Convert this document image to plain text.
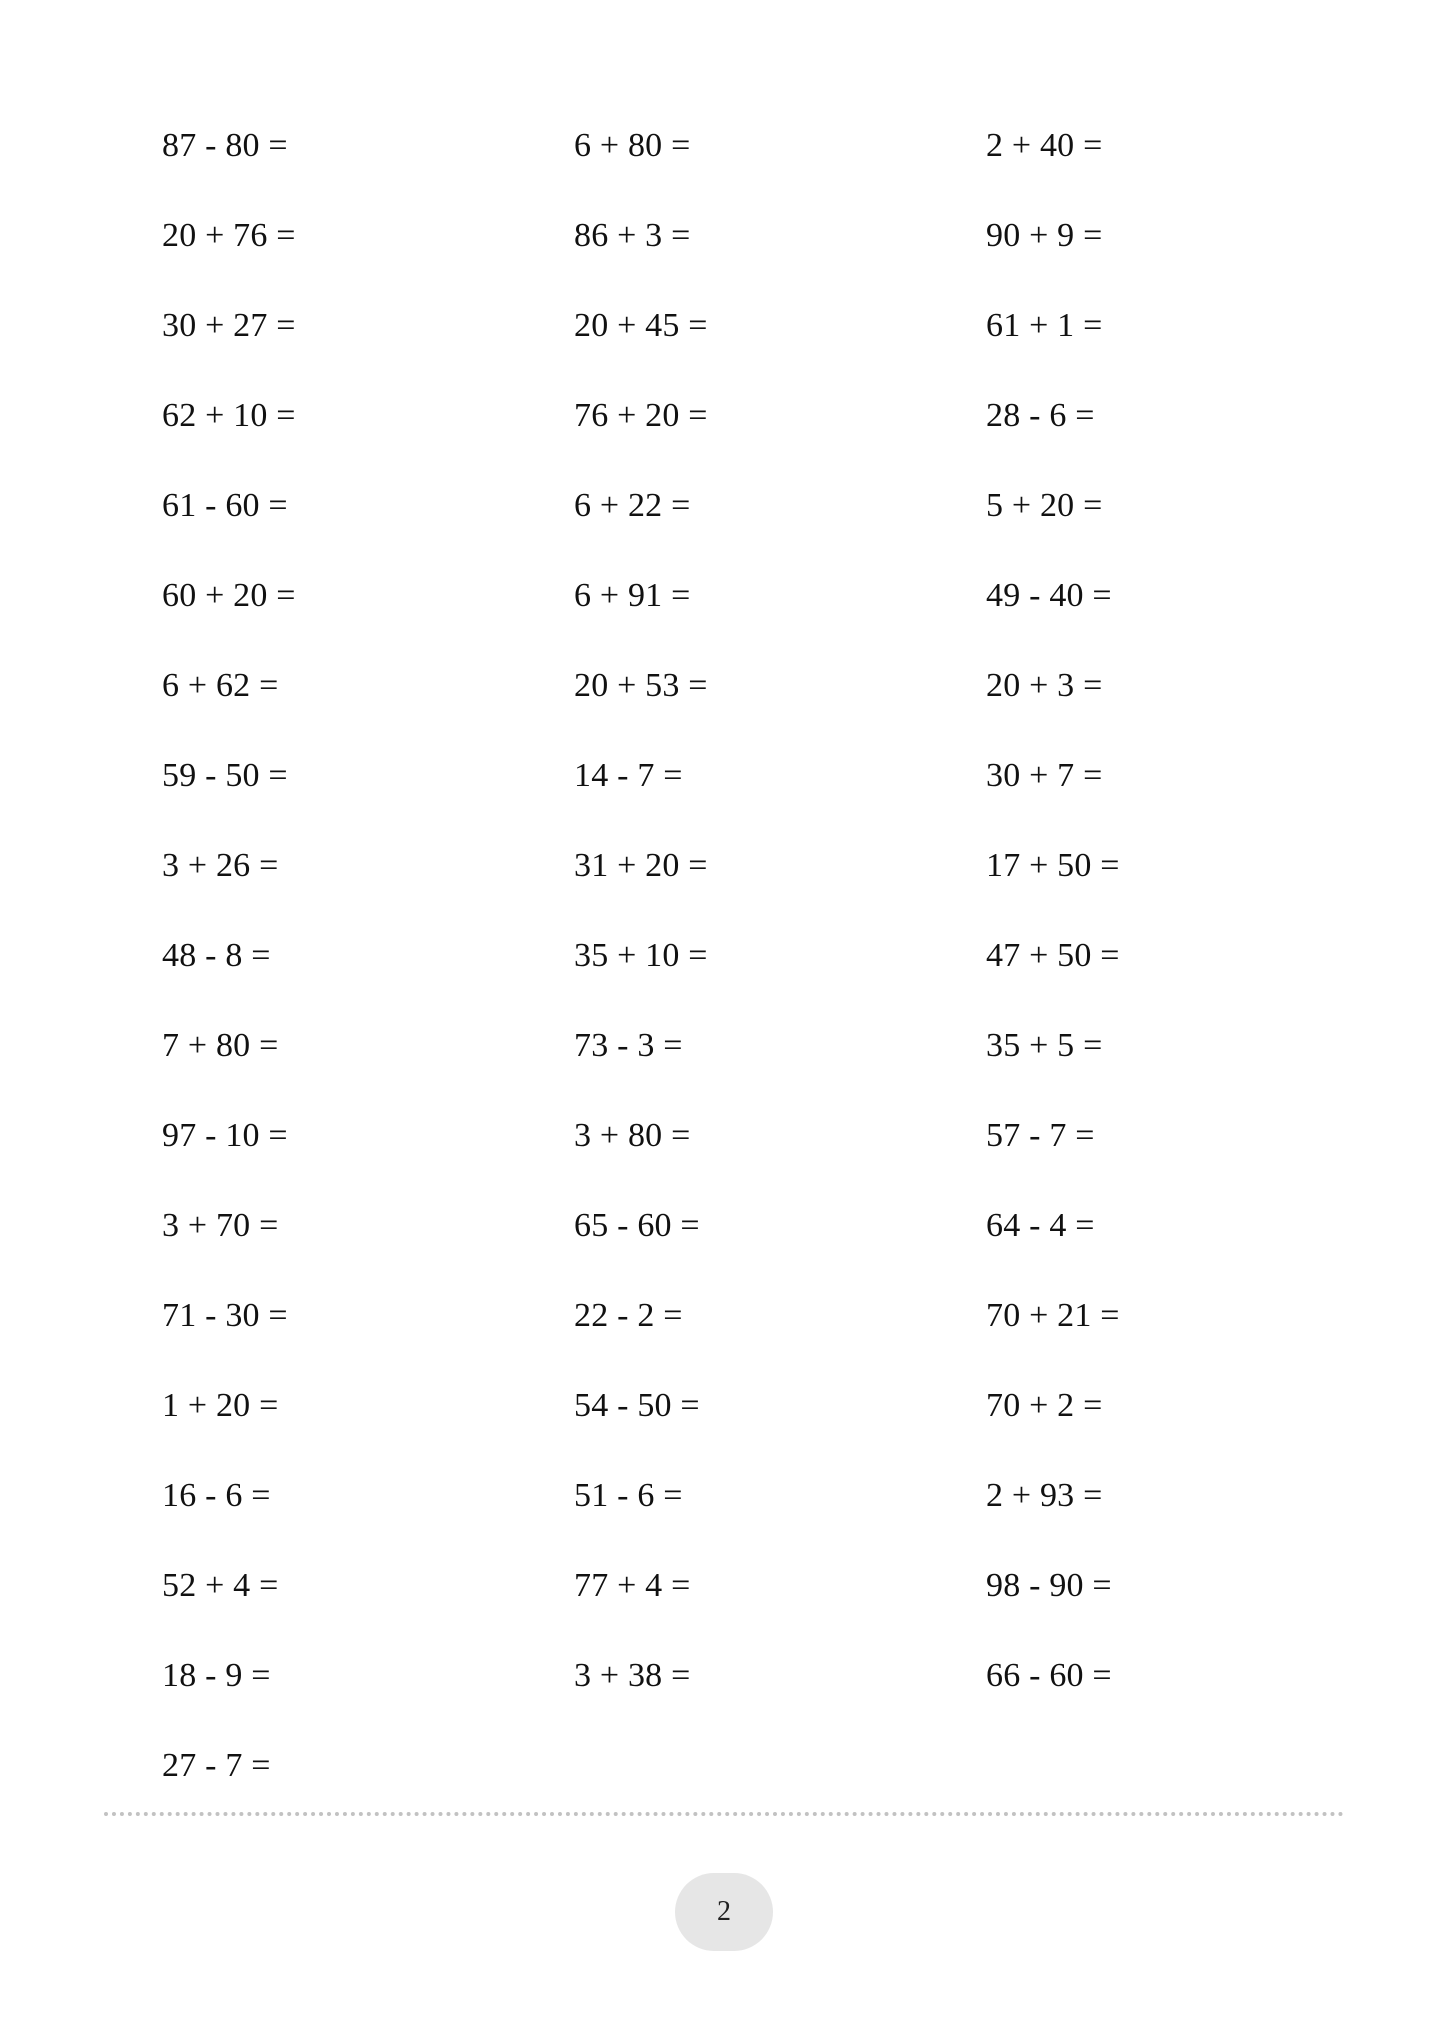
87 - 80 =	6 + 80 =	2 + 40 =
20 + 76 =	86 + 3 =	90 + 9 =
30 + 27 =	20 + 45 =	61 + 1 =
62 + 10 =	76 + 20 =	28 - 6 =
61 - 60 =	6 + 22 =	5 + 20 =
60 + 20 =	6 + 91 =	49 - 40 =
6 + 62 =	20 + 53 =	20 + 3 =
59 - 50 =	14 - 7 =	30 + 7 =
3 + 26 =	31 + 20 =	17 + 50 =
48 - 8 =	35 + 10 =	47 + 50 =
7 + 80 =	73 - 3 =	35 + 5 =
97 - 10 =	3 + 80 =	57 - 7 =
3 + 70 =	65 - 60 =	64 - 4 =
71 - 30 =	22 - 2 =	70 + 21 =
1 + 20 =	54 - 50 =	70 + 2 =
16 - 6 =	51 - 6 =	2 + 93 =
52 + 4 =	77 + 4 =	98 - 90 =
18 - 9 =	3 + 38 =	66 - 60 =
27 - 7 =
2
